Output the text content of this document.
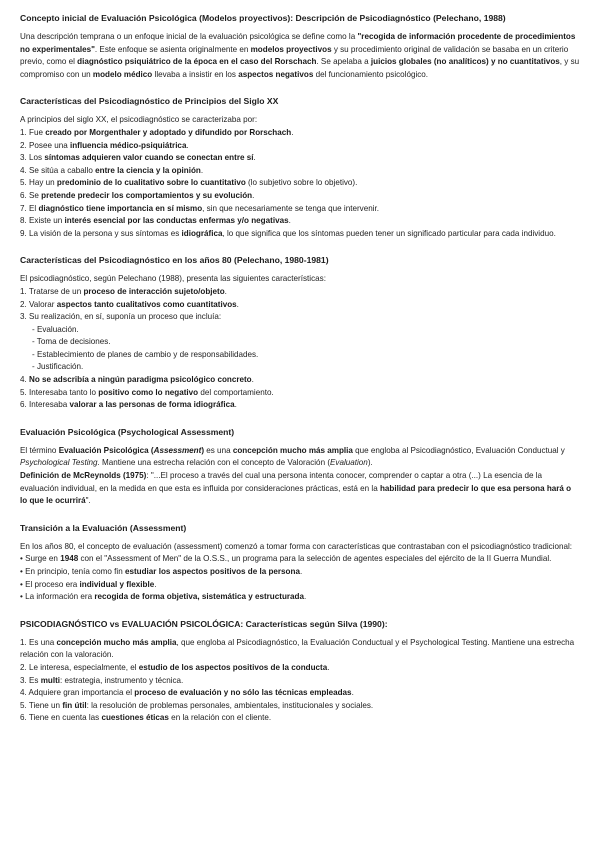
Concepto inicial de Evaluación Psicológica (Modelos proyectivos): Descripción de Psicodiagnóstico (Pelechano, 1988)

Una descripción temprana o un enfoque inicial de la evaluación psicológica se define como la "recogida de información procedente de procedimientos no experimentales". Este enfoque se asienta originalmente en modelos proyectivos y su procedimiento original de validación se basaba en un criterio previo, como el diagnóstico psiquiátrico de la época en el caso del Rorschach. Se apelaba a juicios globales (no analíticos) y no cuantitativos, y su compromiso con un modelo médico llevaba a insistir en los aspectos negativos del funcionamiento psicológico.

Características del Psicodiagnóstico de Principios del Siglo XX

A principios del siglo XX, el psicodiagnóstico se caracterizaba por:

1. Fue creado por Morgenthaler y adoptado y difundido por Rorschach.
2. Posee una influencia médico-psiquiátrica.
3. Los síntomas adquieren valor cuando se conectan entre sí.
4. Se sitúa a caballo entre la ciencia y la opinión.
5. Hay un predominio de lo cualitativo sobre lo cuantitativo (lo subjetivo sobre lo objetivo).
6. Se pretende predecir los comportamientos y su evolución.
7. El diagnóstico tiene importancia en sí mismo, sin que necesariamente se tenga que intervenir.
8. Existe un interés esencial por las conductas enfermas y/o negativas.
9. La visión de la persona y sus síntomas es idiográfica, lo que significa que los síntomas pueden tener un significado particular para cada individuo.
Características del Psicodiagnóstico en los años 80 (Pelechano, 1980-1981)

El psicodiagnóstico, según Pelechano (1988), presenta las siguientes características:

1. Tratarse de un proceso de interacción sujeto/objeto.
2. Valorar aspectos tanto cualitativos como cuantitativos.
3. Su realización, en sí, suponía un proceso que incluía:
- Evaluación.
- Toma de decisiones.
- Establecimiento de planes de cambio y de responsabilidades.
- Justificación.
4. No se adscribía a ningún paradigma psicológico concreto.
5. Interesaba tanto lo positivo como lo negativo del comportamiento.
6. Interesaba valorar a las personas de forma idiográfica.
Evaluación Psicológica (Psychological Assessment)

El término Evaluación Psicológica (Assessment) es una concepción mucho más amplia que engloba al Psicodiagnóstico, Evaluación Conductual y Psychological Testing. Mantiene una estrecha relación con el concepto de Valoración (Evaluation).

Definición de McReynolds (1975): "...El proceso a través del cual una persona intenta conocer, comprender o captar a otra (...) La esencia de la evaluación individual, en la medida en que esta es influida por consideraciones prácticas, está en la habilidad para predecir lo que esa persona hará o lo que le ocurrirá".

Transición a la Evaluación (Assessment)

En los años 80, el concepto de evaluación (assessment) comenzó a tomar forma con características que contrastaban con el psicodiagnóstico tradicional:

• Surge en 1948 con el "Assessment of Men" de la O.S.S., un programa para la selección de agentes especiales del ejército de la II Guerra Mundial.
• En principio, tenía como fin estudiar los aspectos positivos de la persona.
• El proceso era individual y flexible.
• La información era recogida de forma objetiva, sistemática y estructurada.
PSICODIAGNÓSTICO vs EVALUACIÓN PSICOLÓGICA: Características según Silva (1990):
1. Es una concepción mucho más amplia, que engloba al Psicodiagnóstico, la Evaluación Conductual y el Psychological Testing. Mantiene una estrecha relación con la valoración.
2. Le interesa, especialmente, el estudio de los aspectos positivos de la conducta.
3. Es multi: estrategia, instrumento y técnica.
4. Adquiere gran importancia el proceso de evaluación y no sólo las técnicas empleadas.
5. Tiene un fin útil: la resolución de problemas personales, ambientales, institucionales y sociales.
6. Tiene en cuenta las cuestiones éticas en la relación con el cliente.
